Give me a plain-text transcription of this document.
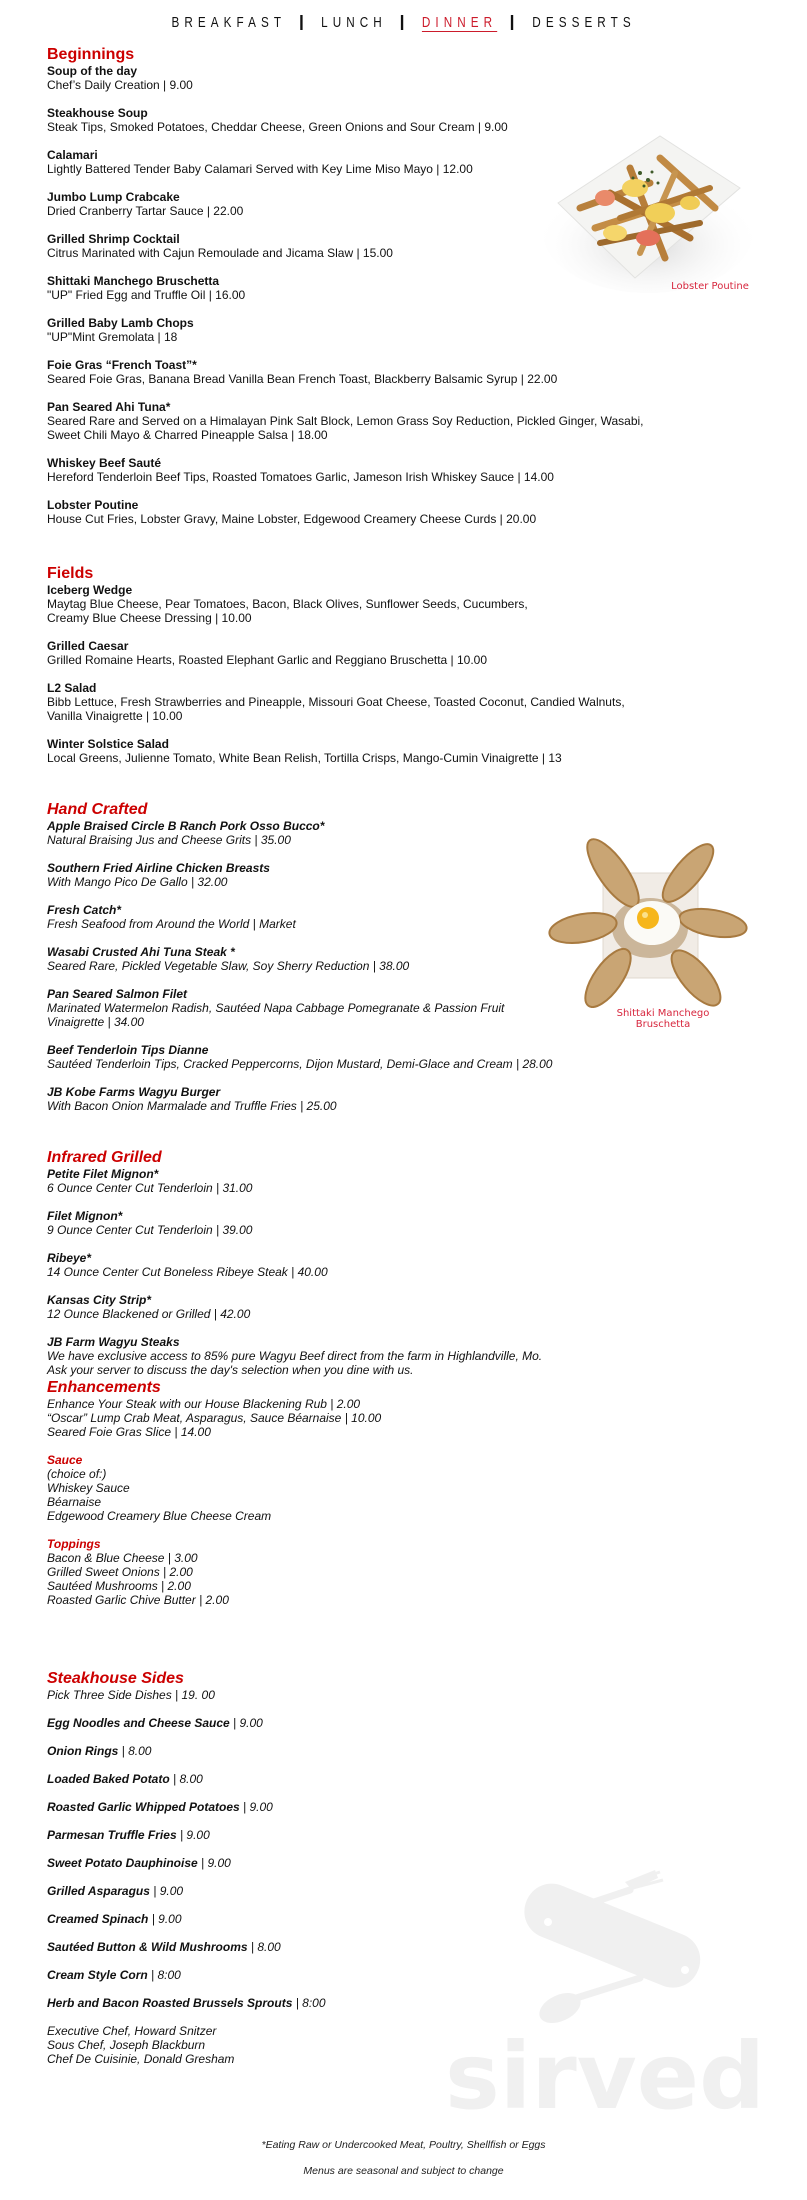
BREAKFAST LUNCH DINNER DESSERTS
Beginnings
Soup of the day
Chef’s Daily Creation | 9.00
Steakhouse Soup
Steak Tips, Smoked Potatoes, Cheddar Cheese, Green Onions and Sour Cream | 9.00
Calamari
Lightly Battered Tender Baby Calamari Served with Key Lime Miso Mayo | 12.00
Jumbo Lump Crabcake
Dried Cranberry Tartar Sauce | 22.00
Grilled Shrimp Cocktail
Citrus Marinated with Cajun Remoulade and Jicama Slaw | 15.00
Shittaki Manchego Bruschetta
"UP" Fried Egg and Truffle Oil | 16.00
Grilled Baby Lamb Chops
"UP"Mint Gremolata | 18
Foie Gras “French Toast”*
Seared Foie Gras, Banana Bread Vanilla Bean French Toast, Blackberry Balsamic Syrup | 22.00
Pan Seared Ahi Tuna*
Seared Rare and Served on a Himalayan Pink Salt Block, Lemon Grass Soy Reduction, Pickled Ginger, Wasabi,
Sweet Chili Mayo & Charred Pineapple Salsa | 18.00
Whiskey Beef Sauté
Hereford Tenderloin Beef Tips, Roasted Tomatoes Garlic, Jameson Irish Whiskey Sauce | 14.00
Lobster Poutine
House Cut Fries, Lobster Gravy, Maine Lobster, Edgewood Creamery Cheese Curds | 20.00
Fields
Iceberg Wedge
Maytag Blue Cheese, Pear Tomatoes, Bacon, Black Olives, Sunflower Seeds, Cucumbers,
Creamy Blue Cheese Dressing | 10.00
Grilled Caesar
Grilled Romaine Hearts, Roasted Elephant Garlic and Reggiano Bruschetta | 10.00
L2 Salad
Bibb Lettuce, Fresh Strawberries and Pineapple, Missouri Goat Cheese, Toasted Coconut, Candied Walnuts,
Vanilla Vinaigrette | 10.00
Winter Solstice Salad
Local Greens, Julienne Tomato, White Bean Relish, Tortilla Crisps, Mango-Cumin Vinaigrette | 13
Hand Crafted
Apple Braised Circle B Ranch Pork Osso Bucco*
Natural Braising Jus and Cheese Grits | 35.00
Southern Fried Airline Chicken Breasts
With Mango Pico De Gallo | 32.00
Fresh Catch*
Fresh Seafood from Around the World | Market
Wasabi Crusted Ahi Tuna Steak *
Seared Rare, Pickled Vegetable Slaw, Soy Sherry Reduction | 38.00
Pan Seared Salmon Filet
Marinated Watermelon Radish, Sautéed Napa Cabbage Pomegranate & Passion Fruit
Vinaigrette | 34.00
Beef Tenderloin Tips Dianne
Sautéed Tenderloin Tips, Cracked Peppercorns, Dijon Mustard, Demi-Glace and Cream | 28.00
JB Kobe Farms Wagyu Burger
With Bacon Onion Marmalade and Truffle Fries | 25.00
Infrared Grilled
Petite Filet Mignon*
6 Ounce Center Cut Tenderloin | 31.00
Filet Mignon*
9 Ounce Center Cut Tenderloin | 39.00
Ribeye*
14 Ounce Center Cut Boneless Ribeye Steak | 40.00
Kansas City Strip*
12 Ounce Blackened or Grilled | 42.00
JB Farm Wagyu Steaks
We have exclusive access to 85% pure Wagyu Beef direct from the farm in Highlandville, Mo.
Ask your server to discuss the day's selection when you dine with us.
Enhancements
Enhance Your Steak with our House Blackening Rub | 2.00
“Oscar” Lump Crab Meat, Asparagus, Sauce Béarnaise | 10.00
Seared Foie Gras Slice | 14.00
Sauce
(choice of:)
Whiskey Sauce
Béarnaise
Edgewood Creamery Blue Cheese Cream
Toppings
Bacon & Blue Cheese | 3.00
Grilled Sweet Onions | 2.00
Sautéed Mushrooms | 2.00
Roasted Garlic Chive Butter | 2.00
Steakhouse Sides
Pick Three Side Dishes | 19. 00
Egg Noodles and Cheese Sauce | 9.00
Onion Rings | 8.00
Loaded Baked Potato | 8.00
Roasted Garlic Whipped Potatoes | 9.00
Parmesan Truffle Fries | 9.00
Sweet Potato Dauphinoise | 9.00
Grilled Asparagus | 9.00
Creamed Spinach | 9.00
Sautéed Button & Wild Mushrooms | 8.00
Cream Style Corn | 8:00
Herb and Bacon Roasted Brussels Sprouts | 8:00
Executive Chef, Howard Snitzer
Sous Chef, Joseph Blackburn
Chef De Cuisinie, Donald Gresham
Lobster Poutine
Shittaki Manchego
Bruschetta
sirved
*Eating Raw or Undercooked Meat, Poultry, Shellfish or Eggs
Menus are seasonal and subject to change
